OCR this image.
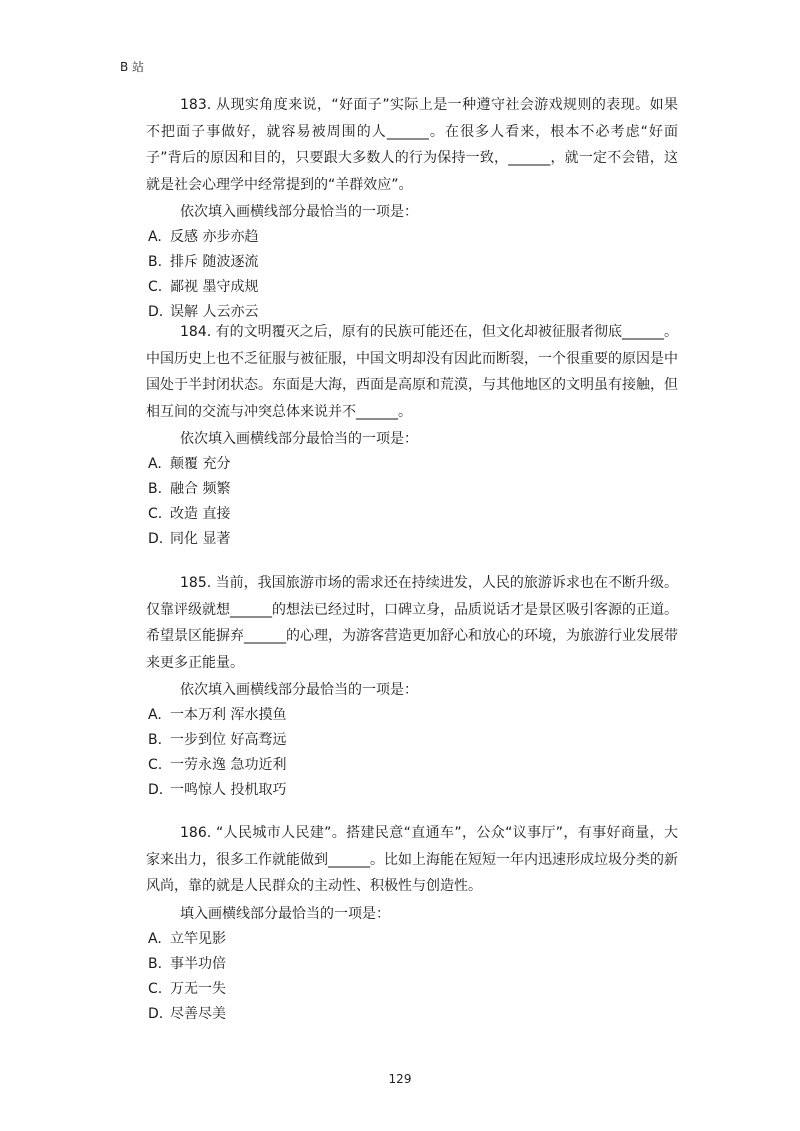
B 站

183. 从现实角度来说，“好面子”实际上是一种遵守社会游戏规则的表现。如果不把面子事做好，就容易被周围的人______。在很多人看来，根本不必考虑“好面子”背后的原因和目的，只要跟大多数人的行为保持一致，______，就一定不会错，这就是社会心理学中经常提到的“羊群效应”。

依次填入画横线部分最恰当的一项是：

A. 反感 亦步亦趋
B. 排斥 随波逐流
C. 鄙视 墨守成规
D. 误解 人云亦云

184. 有的文明覆灭之后，原有的民族可能还在，但文化却被征服者彻底______。中国历史上也不乏征服与被征服，中国文明却没有因此而断裂，一个很重要的原因是中国处于半封闭状态。东面是大海，西面是高原和荒漠，与其他地区的文明虽有接触，但相互间的交流与冲突总体来说并不______。

依次填入画横线部分最恰当的一项是：

A. 颠覆 充分
B. 融合 频繁
C. 改造 直接
D. 同化 显著

185. 当前，我国旅游市场的需求还在持续进发，人民的旅游诉求也在不断升级。仅靠评级就想______的想法已经过时，口碑立身，品质说话才是景区吸引客源的正道。希望景区能摒弃______的心理，为游客营造更加舒心和放心的环境，为旅游行业发展带来更多正能量。

依次填入画横线部分最恰当的一项是：

A. 一本万利 浑水摸鱼
B. 一步到位 好高骛远
C. 一劳永逸 急功近利
D. 一鸣惊人 投机取巧

186. “人民城市人民建”。搭建民意“直通车”，公众“议事厅”，有事好商量，大家来出力，很多工作就能做到______。比如上海能在短短一年内迅速形成垃圾分类的新风尚，靠的就是人民群众的主动性、积极性与创造性。

填入画横线部分最恰当的一项是：

A. 立竿见影
B. 事半功倍
C. 万无一失
D. 尽善尽美
129
